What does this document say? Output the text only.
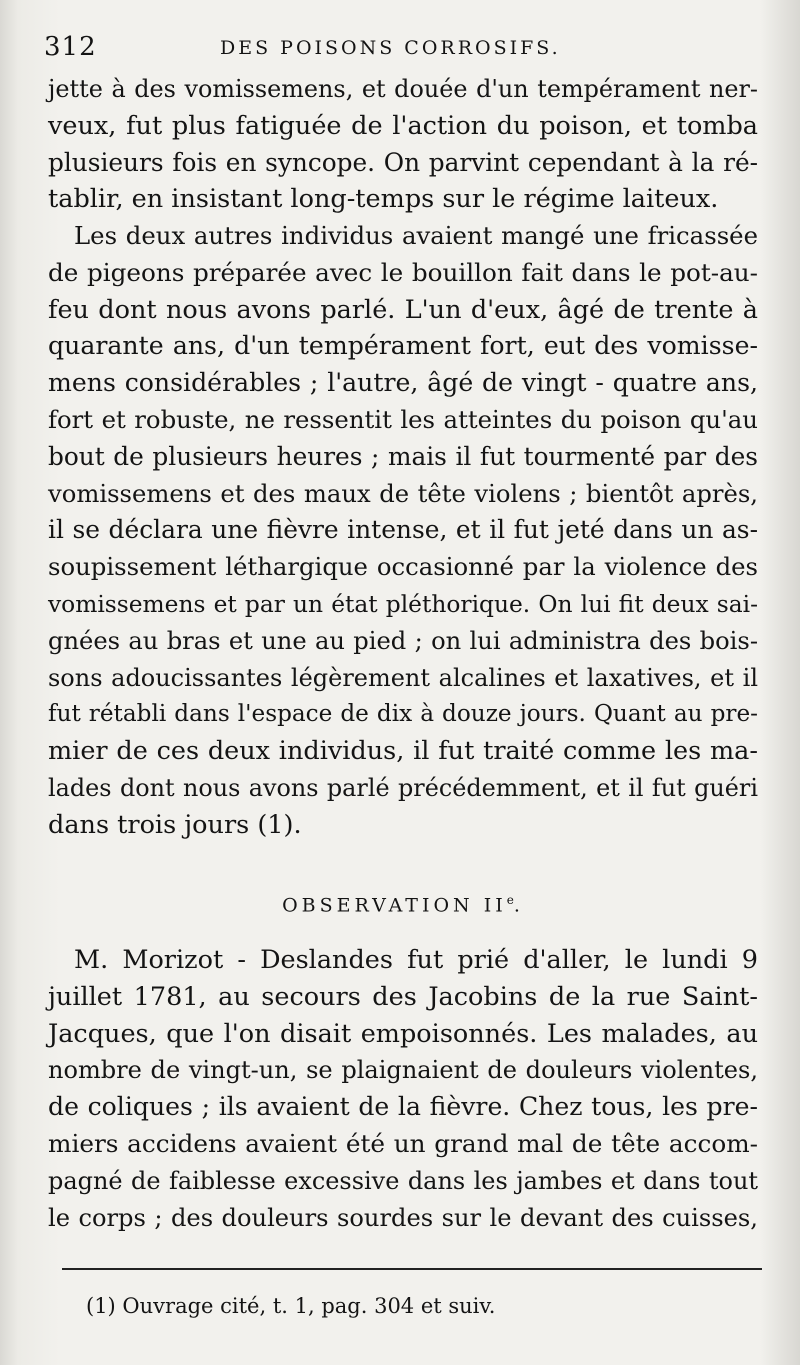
312	DES POISONS CORROSIFS.
jette à des vomissemens, et douée d'un tempérament ner-
veux, fut plus fatiguée de l'action du poison, et tomba
plusieurs fois en syncope. On parvint cependant à la ré-
tablir, en insistant long-temps sur le régime laiteux.
Les deux autres individus avaient mangé une fricassée
de pigeons préparée avec le bouillon fait dans le pot-au-
feu dont nous avons parlé. L'un d'eux, âgé de trente à
quarante ans, d'un tempérament fort, eut des vomisse-
mens considérables ; l'autre, âgé de vingt - quatre ans,
fort et robuste, ne ressentit les atteintes du poison qu'au
bout de plusieurs heures ; mais il fut tourmenté par des
vomissemens et des maux de tête violens ; bientôt après,
il se déclara une fièvre intense, et il fut jeté dans un as-
soupissement léthargique occasionné par la violence des
vomissemens et par un état pléthorique. On lui fit deux sai-
gnées au bras et une au pied ; on lui administra des bois-
sons adoucissantes légèrement alcalines et laxatives, et il
fut rétabli dans l'espace de dix à douze jours. Quant au pre-
mier de ces deux individus, il fut traité comme les ma-
lades dont nous avons parlé précédemment, et il fut guéri
dans trois jours (1).
OBSERVATION IIe.
M. Morizot - Deslandes fut prié d'aller, le lundi 9
juillet 1781, au secours des Jacobins de la rue Saint-
Jacques, que l'on disait empoisonnés. Les malades, au
nombre de vingt-un, se plaignaient de douleurs violentes,
de coliques ; ils avaient de la fièvre. Chez tous, les pre-
miers accidens avaient été un grand mal de tête accom-
pagné de faiblesse excessive dans les jambes et dans tout
le corps ; des douleurs sourdes sur le devant des cuisses,
(1) Ouvrage cité, t. 1, pag. 304 et suiv.
